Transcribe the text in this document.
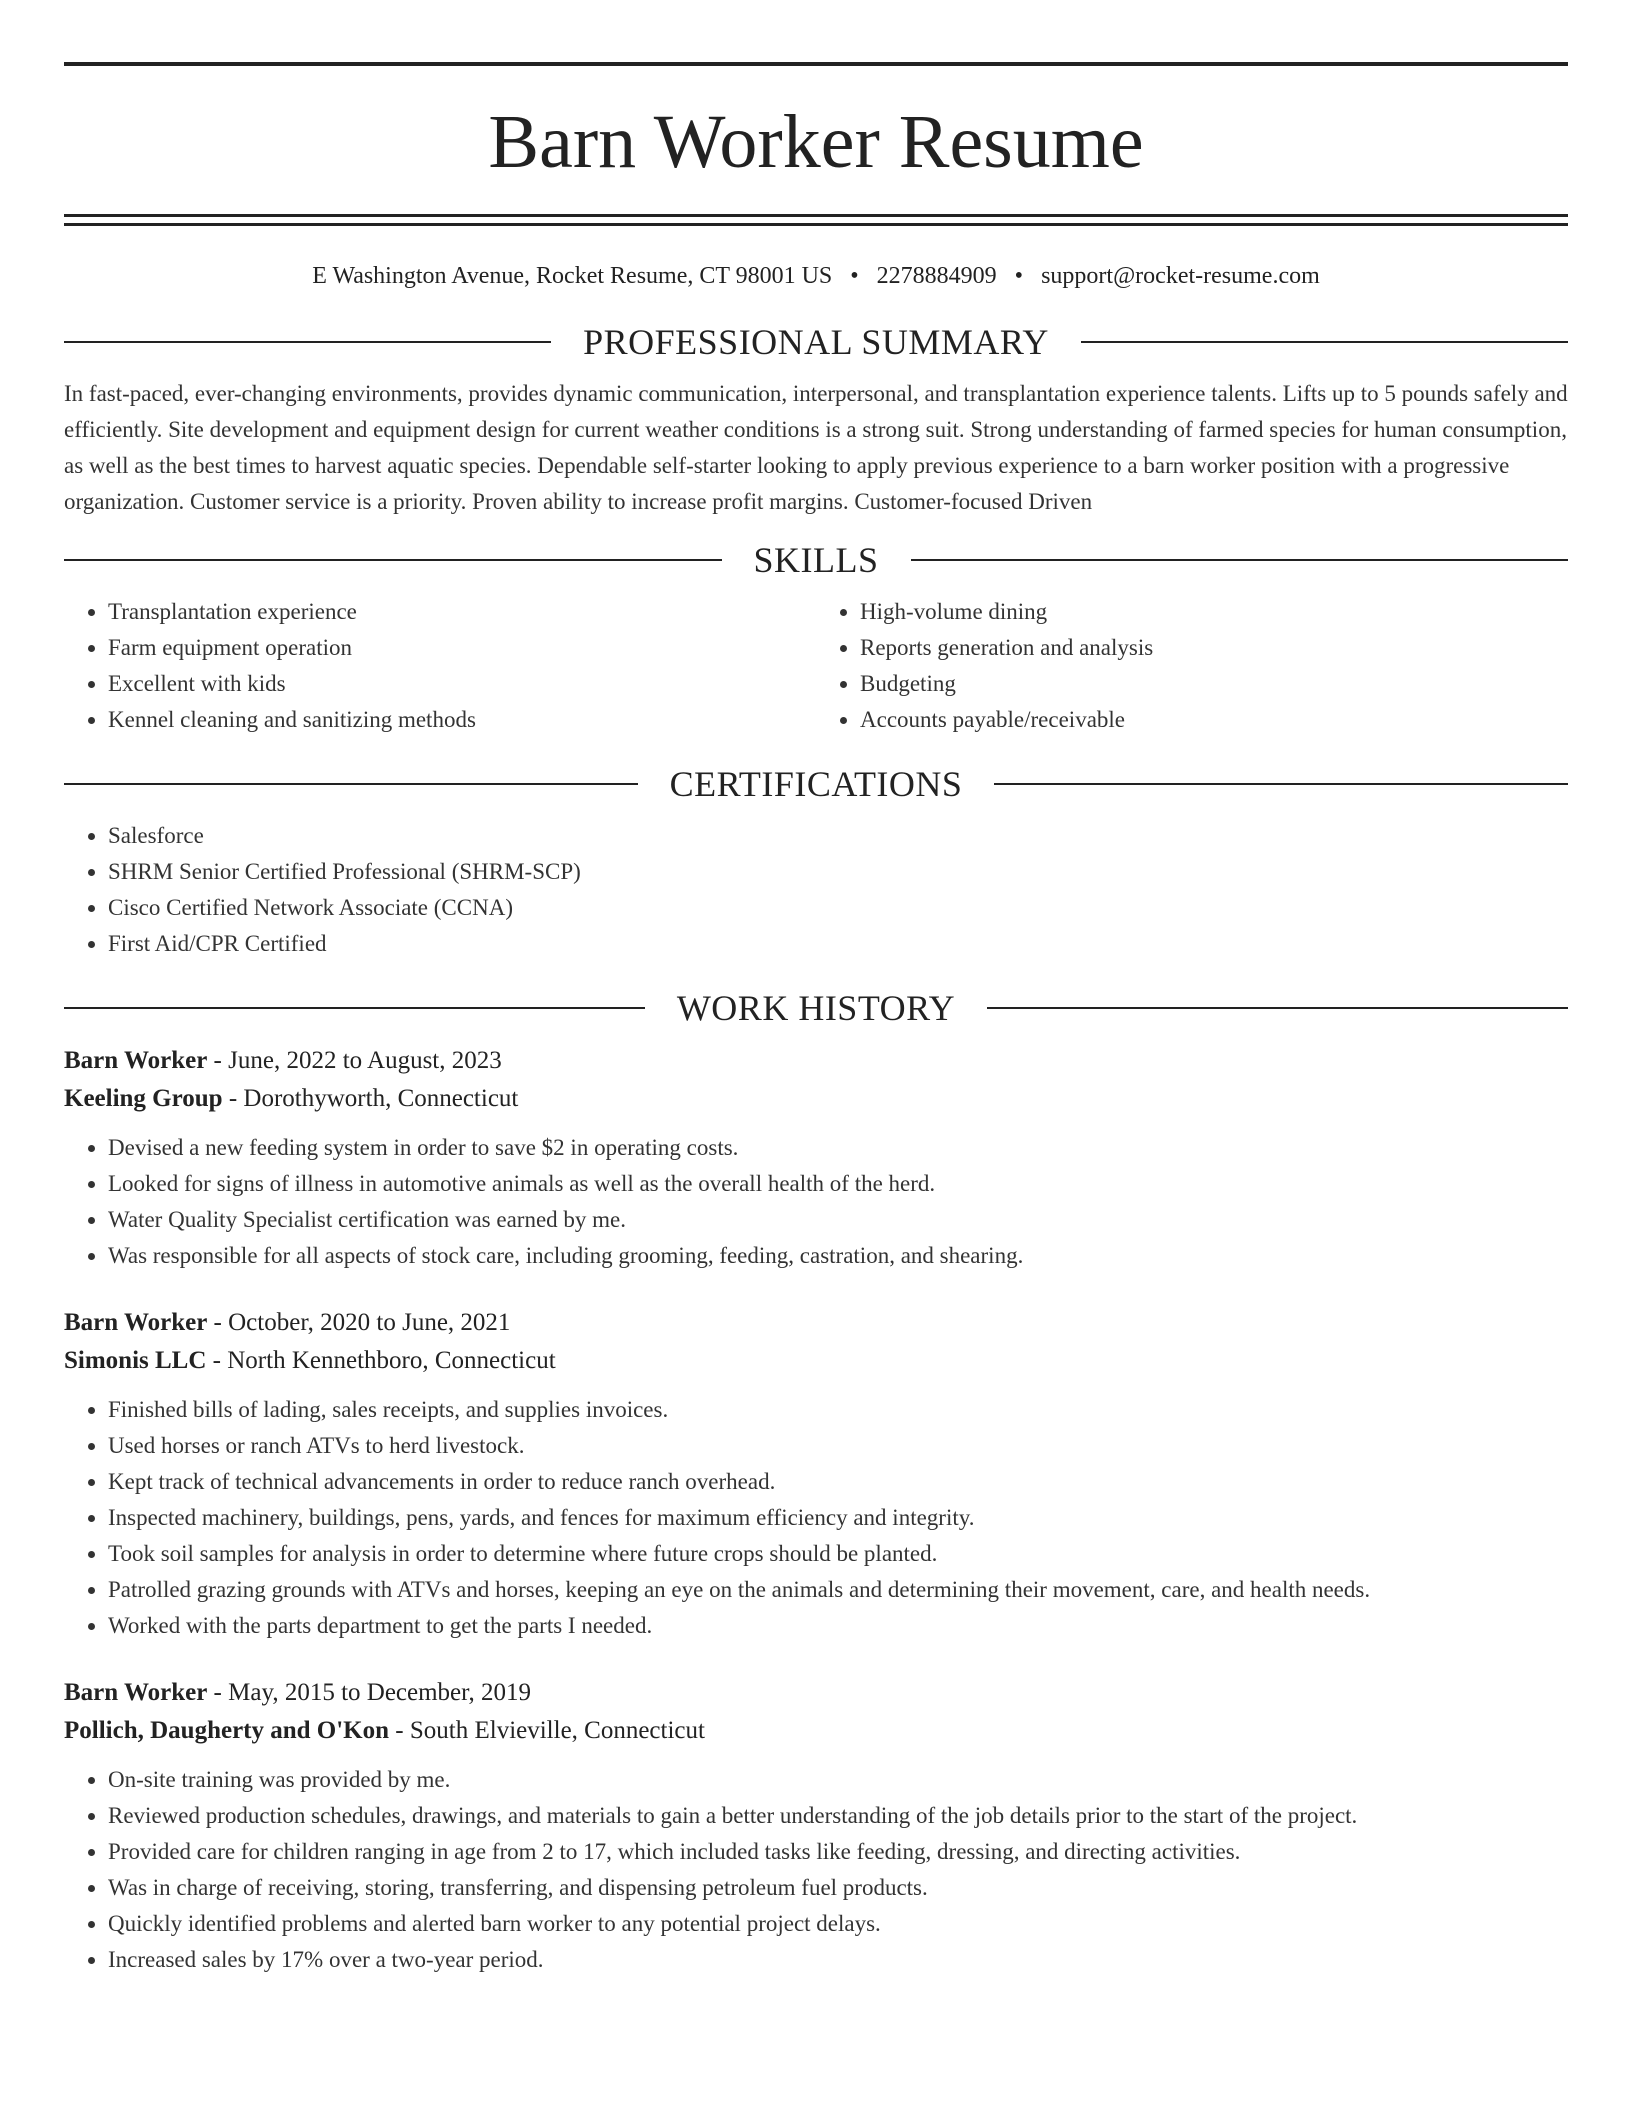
Barn Worker Resume
E Washington Avenue, Rocket Resume, CT 98001 US • 2278884909 • support@rocket-resume.com
PROFESSIONAL SUMMARY

In fast-paced, ever-changing environments, provides dynamic communication, interpersonal, and transplantation experience talents. Lifts up to 5 pounds safely and efficiently. Site development and equipment design for current weather conditions is a strong suit. Strong understanding of farmed species for human consumption, as well as the best times to harvest aquatic species. Dependable self-starter looking to apply previous experience to a barn worker position with a progressive organization. Customer service is a priority. Proven ability to increase profit margins. Customer-focused Driven

SKILLS
• Transplantation experience
• Farm equipment operation
• Excellent with kids
• Kennel cleaning and sanitizing methods
• High-volume dining
• Reports generation and analysis
• Budgeting
• Accounts payable/receivable
CERTIFICATIONS
• Salesforce
• SHRM Senior Certified Professional (SHRM-SCP)
• Cisco Certified Network Associate (CCNA)
• First Aid/CPR Certified
WORK HISTORY
Barn Worker - June, 2022 to August, 2023
Keeling Group - Dorothyworth, Connecticut
• Devised a new feeding system in order to save $2 in operating costs.
• Looked for signs of illness in automotive animals as well as the overall health of the herd.
• Water Quality Specialist certification was earned by me.
• Was responsible for all aspects of stock care, including grooming, feeding, castration, and shearing.
Barn Worker - October, 2020 to June, 2021
Simonis LLC - North Kennethboro, Connecticut
• Finished bills of lading, sales receipts, and supplies invoices.
• Used horses or ranch ATVs to herd livestock.
• Kept track of technical advancements in order to reduce ranch overhead.
• Inspected machinery, buildings, pens, yards, and fences for maximum efficiency and integrity.
• Took soil samples for analysis in order to determine where future crops should be planted.
• Patrolled grazing grounds with ATVs and horses, keeping an eye on the animals and determining their movement, care, and health needs.
• Worked with the parts department to get the parts I needed.
Barn Worker - May, 2015 to December, 2019
Pollich, Daugherty and O'Kon - South Elvieville, Connecticut
• On-site training was provided by me.
• Reviewed production schedules, drawings, and materials to gain a better understanding of the job details prior to the start of the project.
• Provided care for children ranging in age from 2 to 17, which included tasks like feeding, dressing, and directing activities.
• Was in charge of receiving, storing, transferring, and dispensing petroleum fuel products.
• Quickly identified problems and alerted barn worker to any potential project delays.
• Increased sales by 17% over a two-year period.
